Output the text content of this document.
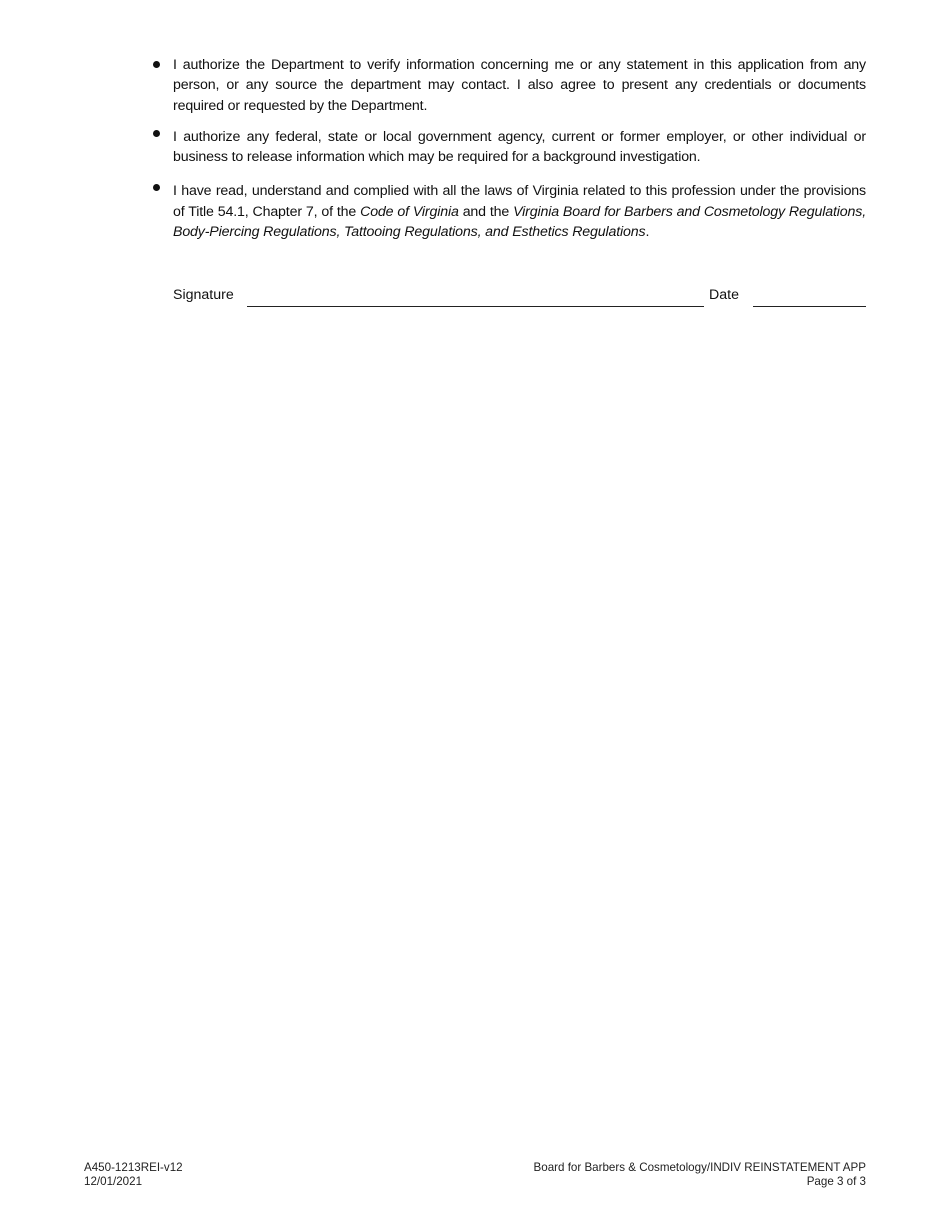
I authorize the Department to verify information concerning me or any statement in this application from any person, or any source the department may contact. I also agree to present any credentials or documents required or requested by the Department.
I authorize any federal, state or local government agency, current or former employer, or other individual or business to release information which may be required for a background investigation.
I have read, understand and complied with all the laws of Virginia related to this profession under the provisions of Title 54.1, Chapter 7, of the Code of Virginia and the Virginia Board for Barbers and Cosmetology Regulations, Body-Piercing Regulations, Tattooing Regulations, and Esthetics Regulations.
Signature	Date
A450-1213REI-v12
12/01/2021
Board for Barbers & Cosmetology/INDIV REINSTATEMENT APP
Page 3 of 3
